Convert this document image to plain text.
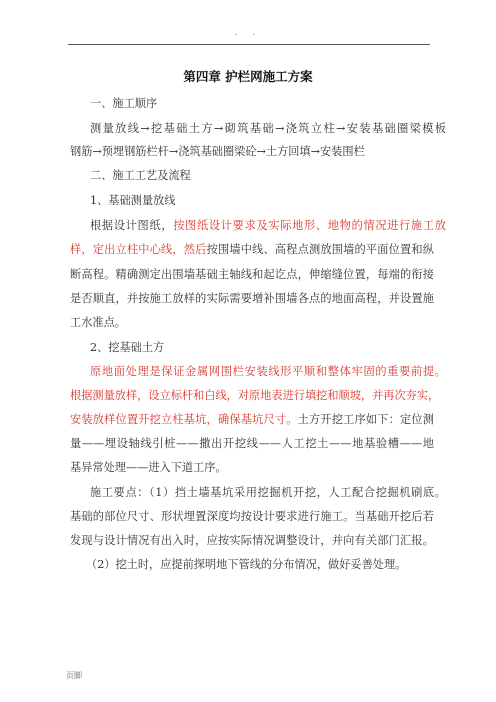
. .
第四章 护栏网施工方案
一、施工顺序
测量放线→挖基础土方→砌筑基础→浇筑立柱→安装基础圈梁模板
钢筋→预埋钢筋栏杆→浇筑基础圈梁砼→土方回填→安装围栏
二、施工工艺及流程
1、基础测量放线
根据设计图纸，按图纸设计要求及实际地形、地物的情况进行施工放
样，定出立柱中心线，然后按围墙中线、高程点测放围墙的平面位置和纵
断高程。精确测定出围墙基础主轴线和起讫点，伸缩缝位置，每端的衔接
是否顺直，并按施工放样的实际需要增补围墙各点的地面高程，并设置施
工水准点。
2、挖基础土方
原地面处理是保证金属网围栏安装线形平顺和整体牢固的重要前提。
根据测量放样，设立标杆和白线，对原地表进行填挖和顺坡，并再次夯实，
安装放样位置开挖立柱基坑，确保基坑尺寸。土方开挖工序如下：定位测
量——埋设轴线引桩——撒出开挖线——人工挖土——地基验槽——地
基异常处理——进入下道工序。
施工要点：（1）挡土墙基坑采用挖掘机开挖，人工配合挖掘机刷底。
基础的部位尺寸、形状埋置深度均按设计要求进行施工。当基础开挖后若
发现与设计情况有出入时，应按实际情况调整设计，并向有关部门汇报。
（2）挖土时，应提前探明地下管线的分布情况，做好妥善处理。
页脚
